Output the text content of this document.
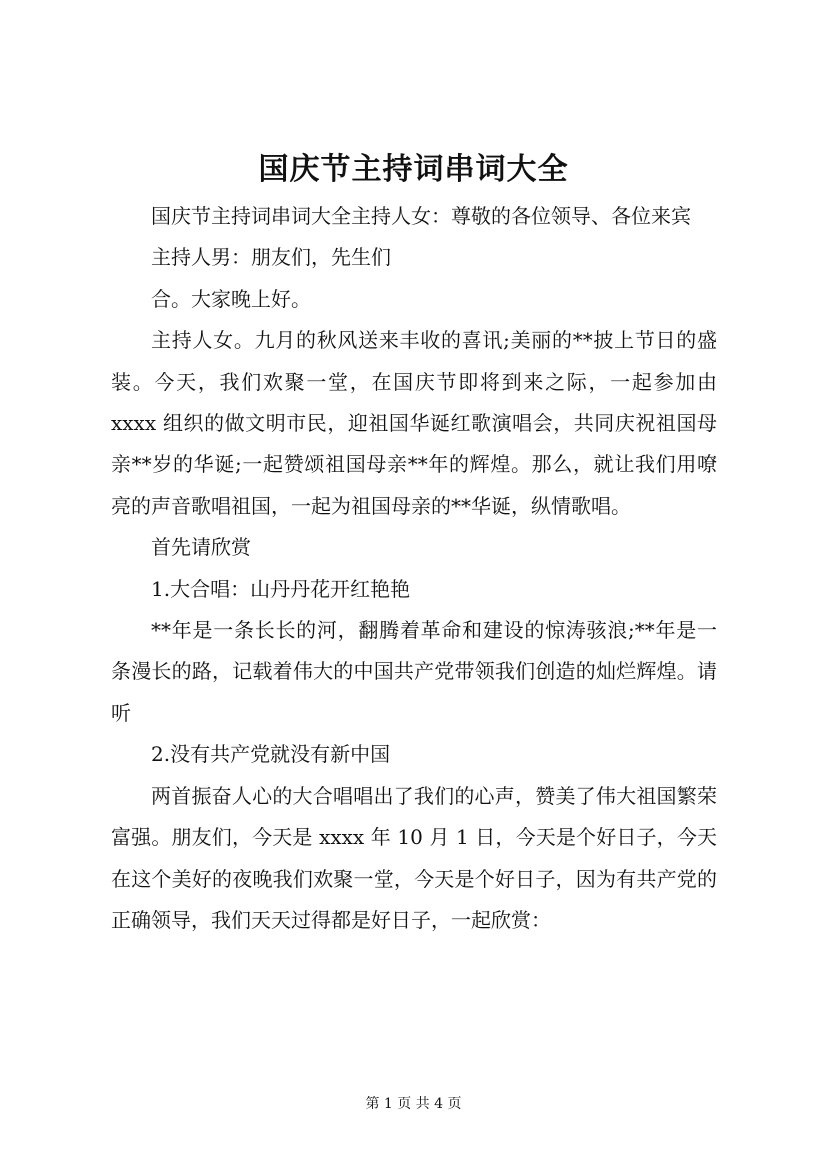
国庆节主持词串词大全

国庆节主持词串词大全主持人女：尊敬的各位领导、各位来宾

主持人男：朋友们，先生们

合。大家晚上好。

主持人女。九月的秋风送来丰收的喜讯;美丽的**披上节日的盛装。今天，我们欢聚一堂，在国庆节即将到来之际，一起参加由 xxxx 组织的做文明市民，迎祖国华诞红歌演唱会，共同庆祝祖国母亲**岁的华诞;一起赞颂祖国母亲**年的辉煌。那么，就让我们用嘹亮的声音歌唱祖国，一起为祖国母亲的**华诞，纵情歌唱。

首先请欣赏

1.大合唱：山丹丹花开红艳艳

**年是一条长长的河，翻腾着革命和建设的惊涛骇浪;**年是一条漫长的路，记载着伟大的中国共产党带领我们创造的灿烂辉煌。请听

2.没有共产党就没有新中国

两首振奋人心的大合唱唱出了我们的心声，赞美了伟大祖国繁荣富强。朋友们，今天是 xxxx 年 10 月 1 日，今天是个好日子，今天在这个美好的夜晚我们欢聚一堂，今天是个好日子，因为有共产党的正确领导，我们天天过得都是好日子，一起欣赏：

第 1 页 共 4 页
